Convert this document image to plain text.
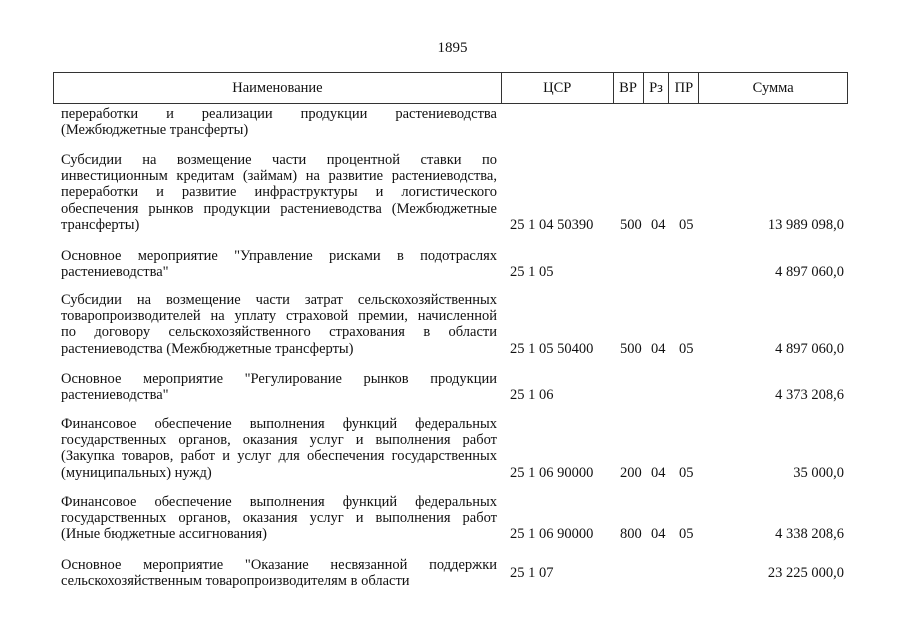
1895
Наименование	ЦСР	ВР Рз ПР	Сумма
переработки и реализации продукции растениеводства
(Межбюджетные трансферты)
Субсидии на возмещение части процентной ставки по
инвестиционным кредитам (займам) на развитие растениеводства,
переработки и развитие инфраструктуры и логистического
обеспечения рынков продукции растениеводства (Межбюджетные
трансферты)	25 1 04 50390 500 04 05	13 989 098,0
Основное мероприятие "Управление рисками в подотраслях
растениеводства"	25 1 05	4 897 060,0
Субсидии на возмещение части затрат сельскохозяйственных
товаропроизводителей на уплату страховой премии, начисленной
по договору сельскохозяйственного страхования в области
растениеводства (Межбюджетные трансферты)	25 1 05 50400 500 04 05	4 897 060,0
Основное мероприятие "Регулирование рынков продукции
растениеводства"	25 1 06	4 373 208,6
Финансовое обеспечение выполнения функций федеральных
государственных органов, оказания услуг и выполнения работ
(Закупка товаров, работ и услуг для обеспечения государственных
(муниципальных) нужд)	25 1 06 90000 200 04 05	35 000,0
Финансовое обеспечение выполнения функций федеральных
государственных органов, оказания услуг и выполнения работ
(Иные бюджетные ассигнования)	25 1 06 90000 800 04 05	4 338 208,6
Основное мероприятие "Оказание несвязанной поддержки
сельскохозяйственным товаропроизводителям в области
25 1 07	23 225 000,0
